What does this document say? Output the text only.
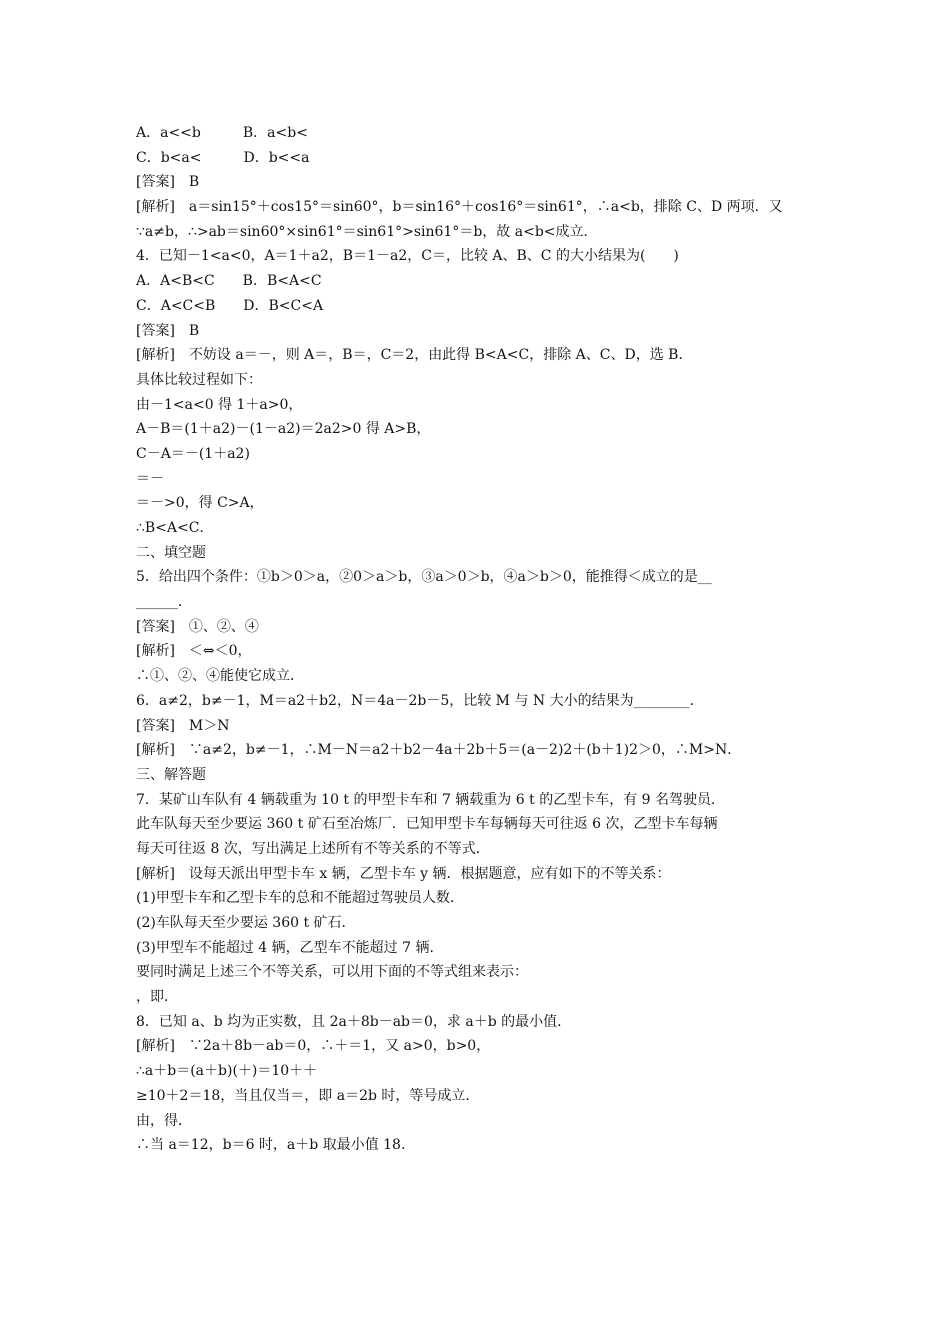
A．a<<b　　　B．a<b<
C．b<a<　　　D．b<<a
[答案]　B
[解析]　a＝sin15°＋cos15°＝sin60°，b＝sin16°＋cos16°＝sin61°，∴a<b，排除 C、D 两项．又
∵a≠b，∴>ab＝sin60°×sin61°＝sin61°>sin61°＝b，故 a<b<成立．
4．已知－1<a<0，A＝1＋a2，B＝1－a2，C＝，比较 A、B、C 的大小结果为(　　)
A．A<B<C　　B．B<A<C
C．A<C<B　　D．B<C<A
[答案]　B
[解析]　不妨设 a＝－，则 A＝，B＝，C＝2，由此得 B<A<C，排除 A、C、D，选 B．
具体比较过程如下：
由－1<a<0 得 1＋a>0，
A－B＝(1＋a2)－(1－a2)＝2a2>0 得 A>B，
C－A＝－(1＋a2)
＝－
＝－>0，得 C>A，
∴B<A<C．
二、填空题
5．给出四个条件：①b＞0＞a，②0＞a＞b，③a＞0＞b，④a＞b＞0，能推得＜成立的是__
______．
[答案]　①、②、④
[解析]　＜⇔＜0，
∴①、②、④能使它成立．
6．a≠2，b≠－1，M＝a2＋b2，N＝4a－2b－5，比较 M 与 N 大小的结果为________．
[答案]　M＞N
[解析]　∵a≠2，b≠－1，∴M－N＝a2＋b2－4a＋2b＋5＝(a－2)2＋(b＋1)2＞0，∴M>N．
三、解答题
7．某矿山车队有 4 辆载重为 10 t 的甲型卡车和 7 辆载重为 6 t 的乙型卡车，有 9 名驾驶员．
此车队每天至少要运 360 t 矿石至冶炼厂．已知甲型卡车每辆每天可往返 6 次，乙型卡车每辆
每天可往返 8 次，写出满足上述所有不等关系的不等式．
[解析]　设每天派出甲型卡车 x 辆，乙型卡车 y 辆．根据题意，应有如下的不等关系：
(1)甲型卡车和乙型卡车的总和不能超过驾驶员人数．
(2)车队每天至少要运 360 t 矿石．
(3)甲型车不能超过 4 辆，乙型车不能超过 7 辆．
要同时满足上述三个不等关系，可以用下面的不等式组来表示：
，即．
8．已知 a、b 均为正实数，且 2a＋8b－ab＝0，求 a＋b 的最小值．
[解析]　∵2a＋8b－ab＝0，∴＋＝1，又 a>0，b>0，
∴a＋b＝(a＋b)(＋)＝10＋＋
≥10＋2＝18，当且仅当＝，即 a＝2b 时，等号成立．
由，得．
∴当 a＝12，b＝6 时，a＋b 取最小值 18.
